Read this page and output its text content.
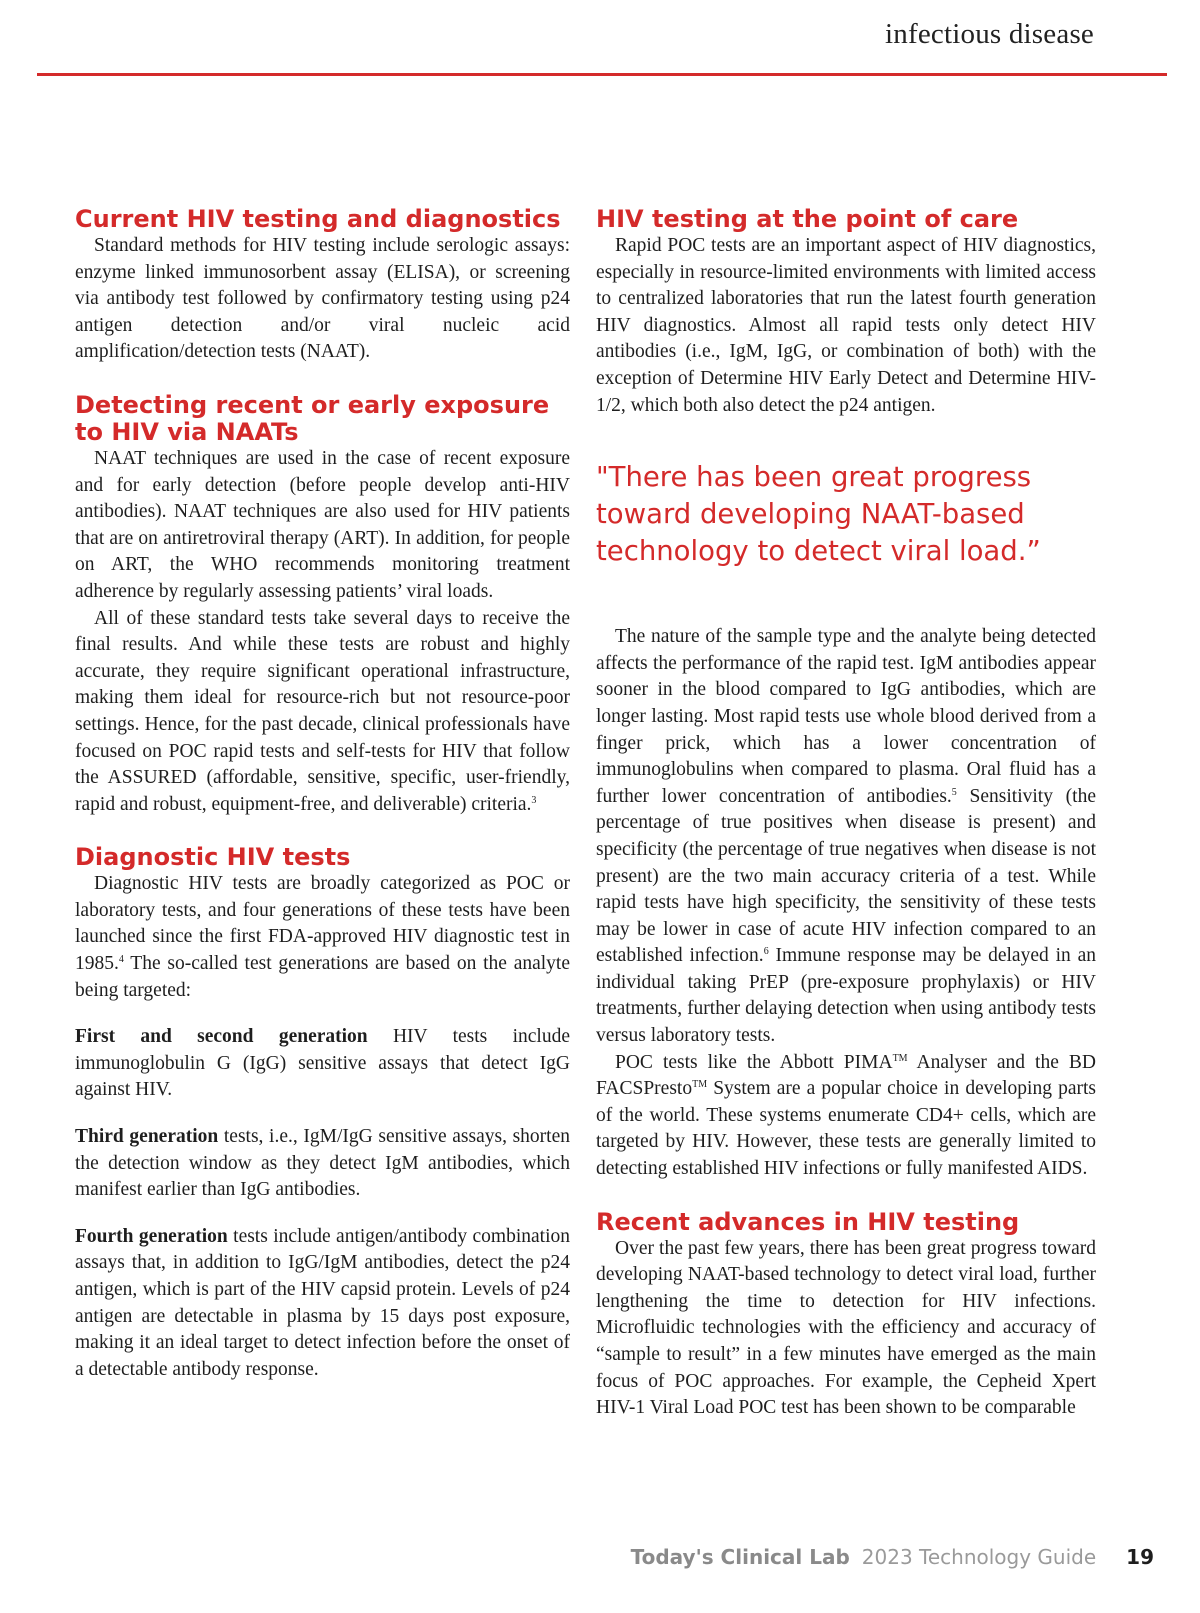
infectious disease
Current HIV testing and diagnostics

Standard methods for HIV testing include serologic assays: enzyme linked immunosorbent assay (ELISA), or screening via antibody test followed by confirmatory testing using p24 antigen detection and/or viral nucleic acid amplification/detection tests (NAAT).

Detecting recent or early exposure to HIV via NAATs

NAAT techniques are used in the case of recent exposure and for early detection (before people develop anti-HIV antibodies). NAAT techniques are also used for HIV patients that are on antiretroviral therapy (ART). In addition, for people on ART, the WHO recommends monitoring treatment adherence by regularly assessing patients’ viral loads.

All of these standard tests take several days to receive the final results. And while these tests are robust and highly accurate, they require significant operational infrastructure, making them ideal for resource-rich but not resource-poor settings. Hence, for the past decade, clinical professionals have focused on POC rapid tests and self-tests for HIV that follow the ASSURED (affordable, sensitive, specific, user-friendly, rapid and robust, equipment-free, and deliverable) criteria.$^3$

Diagnostic HIV tests

Diagnostic HIV tests are broadly categorized as POC or laboratory tests, and four generations of these tests have been launched since the first FDA-approved HIV diagnostic test in 1985.$^4$ The so-called test generations are based on the analyte being targeted:

First and second generation HIV tests include immunoglobulin G (IgG) sensitive assays that detect IgG against HIV.

Third generation tests, i.e., IgM/IgG sensitive assays, shorten the detection window as they detect IgM antibodies, which manifest earlier than IgG antibodies.

Fourth generation tests include antigen/antibody combination assays that, in addition to IgG/IgM antibodies, detect the p24 antigen, which is part of the HIV capsid protein. Levels of p24 antigen are detectable in plasma by 15 days post exposure, making it an ideal target to detect infection before the onset of a detectable antibody response.

HIV testing at the point of care

Rapid POC tests are an important aspect of HIV diagnostics, especially in resource-limited environments with limited access to centralized laboratories that run the latest fourth generation HIV diagnostics. Almost all rapid tests only detect HIV antibodies (i.e., IgM, IgG, or combination of both) with the exception of Determine HIV Early Detect and Determine HIV-1/2, which both also detect the p24 antigen.

"There has been great progress toward developing NAAT-based technology to detect viral load.”

The nature of the sample type and the analyte being detected affects the performance of the rapid test. IgM antibodies appear sooner in the blood compared to IgG antibodies, which are longer lasting. Most rapid tests use whole blood derived from a finger prick, which has a lower concentration of immunoglobulins when compared to plasma. Oral fluid has a further lower concentration of antibodies.$^5$ Sensitivity (the percentage of true positives when disease is present) and specificity (the percentage of true negatives when disease is not present) are the two main accuracy criteria of a test. While rapid tests have high specificity, the sensitivity of these tests may be lower in case of acute HIV infection compared to an established infection.$^6$ Immune response may be delayed in an individual taking PrEP (pre-exposure prophylaxis) or HIV treatments, further delaying detection when using antibody tests versus laboratory tests.

POC tests like the Abbott PIMA™ Analyser and the BD FACSPresto™ System are a popular choice in developing parts of the world. These systems enumerate CD4+ cells, which are targeted by HIV. However, these tests are generally limited to detecting established HIV infections or fully manifested AIDS.

Recent advances in HIV testing

Over the past few years, there has been great progress toward developing NAAT-based technology to detect viral load, further lengthening the time to detection for HIV infections. Microfluidic technologies with the efficiency and accuracy of “sample to result” in a few minutes have emerged as the main focus of POC approaches. For example, the Cepheid Xpert HIV-1 Viral Load POC test has been shown to be comparable

Today's Clinical Lab 2023 Technology Guide 19
